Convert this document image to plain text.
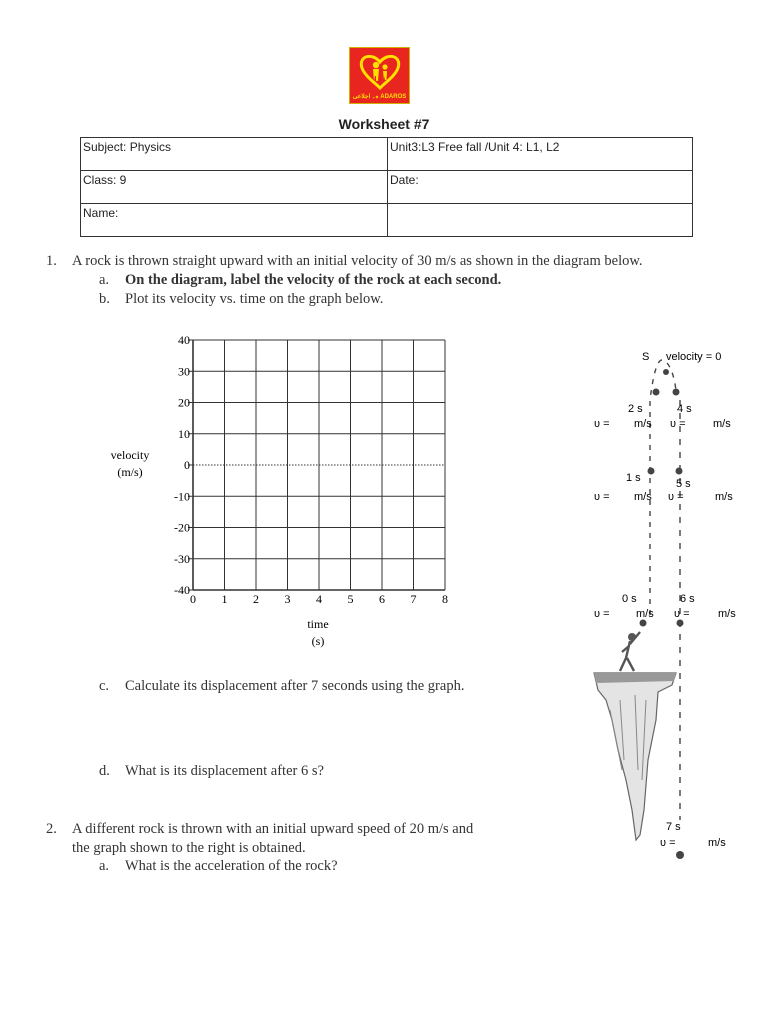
ه۔ اجلاعی ADAROS
Worksheet #7
Subject: Physics	Unit3:L3 Free fall /Unit 4: L1, L2
Class: 9	Date:
Name:	
1. A rock is thrown straight upward with an initial velocity of 30 m/s as shown in the diagram below.
a. On the diagram, label the velocity of the rock at each second.
b. Plot its velocity vs. time on the graph below.
0 1 2 3 4 5 6 7 8
40
30
20
10
0
-10
-20
-30
-40
velocity
(m/s)
time
(s)
c. Calculate its displacement after 7 seconds using the graph.
d. What is its displacement after 6 s?
2. A different rock is thrown with an initial upward speed of 20 m/s and
the graph shown to the right is obtained.
a. What is the acceleration of the rock?
S velocity = 0
2 s	4 s
1 s	5 s
0 s	6 s
7 s
υ = m/s υ =	m/s
υ = m/s υ =	m/s
υ = m/s υ =	m/s
υ =	m/s
